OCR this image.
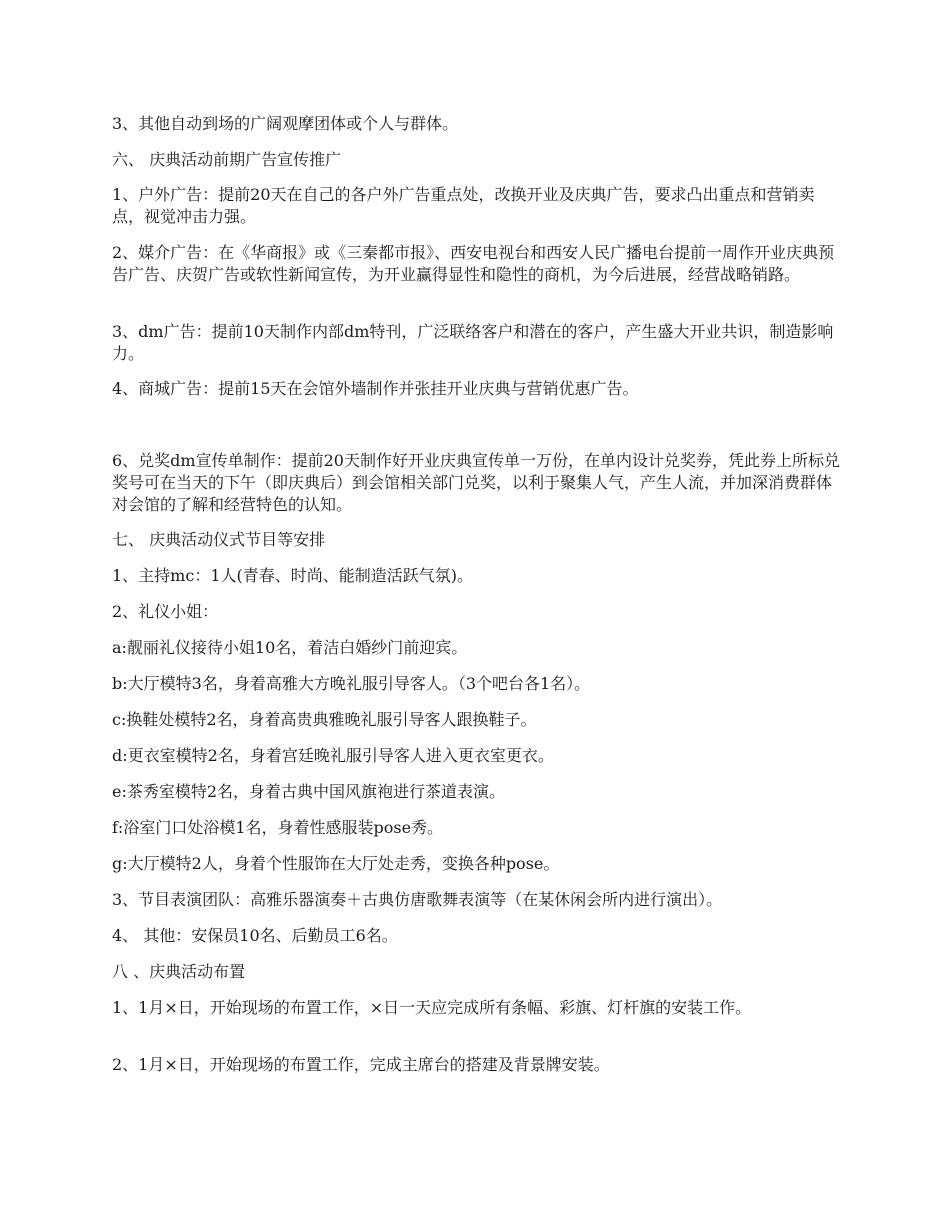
3、其他自动到场的广阔观摩团体或个人与群体。

六、 庆典活动前期广告宣传推广

1、户外广告：提前20天在自己的各户外广告重点处，改换开业及庆典广告，要求凸出重点和营销卖点，视觉冲击力强。

2、媒介广告：在《华商报》或《三秦都市报》、西安电视台和西安人民广播电台提前一周作开业庆典预告广告、庆贺广告或软性新闻宣传，为开业赢得显性和隐性的商机，为今后进展，经营战略销路。

3、dm广告：提前10天制作内部dm特刊，广泛联络客户和潜在的客户，产生盛大开业共识，制造影响力。

4、商城广告：提前15天在会馆外墙制作并张挂开业庆典与营销优惠广告。

6、兑奖dm宣传单制作：提前20天制作好开业庆典宣传单一万份，在单内设计兑奖券，凭此券上所标兑奖号可在当天的下午（即庆典后）到会馆相关部门兑奖，以利于聚集人气，产生人流，并加深消费群体对会馆的了解和经营特色的认知。

七、 庆典活动仪式节目等安排

1、主持mc：1人(青春、时尚、能制造活跃气氛)。

2、礼仪小姐：

a:靓丽礼仪接待小姐10名，着洁白婚纱门前迎宾。

b:大厅模特3名，身着高雅大方晚礼服引导客人。（3个吧台各1名）。

c:换鞋处模特2名，身着高贵典雅晚礼服引导客人跟换鞋子。

d:更衣室模特2名，身着宫廷晚礼服引导客人进入更衣室更衣。

e:茶秀室模特2名，身着古典中国风旗袍进行茶道表演。

f:浴室门口处浴模1名，身着性感服装pose秀。

g:大厅模特2人，身着个性服饰在大厅处走秀，变换各种pose。

3、节目表演团队：高雅乐器演奏＋古典仿唐歌舞表演等（在某休闲会所内进行演出）。

4、 其他：安保员10名、后勤员工6名。

八 、庆典活动布置

1、1月×日，开始现场的布置工作，×日一天应完成所有条幅、彩旗、灯杆旗的安装工作。

2、1月×日，开始现场的布置工作，完成主席台的搭建及背景牌安装。
